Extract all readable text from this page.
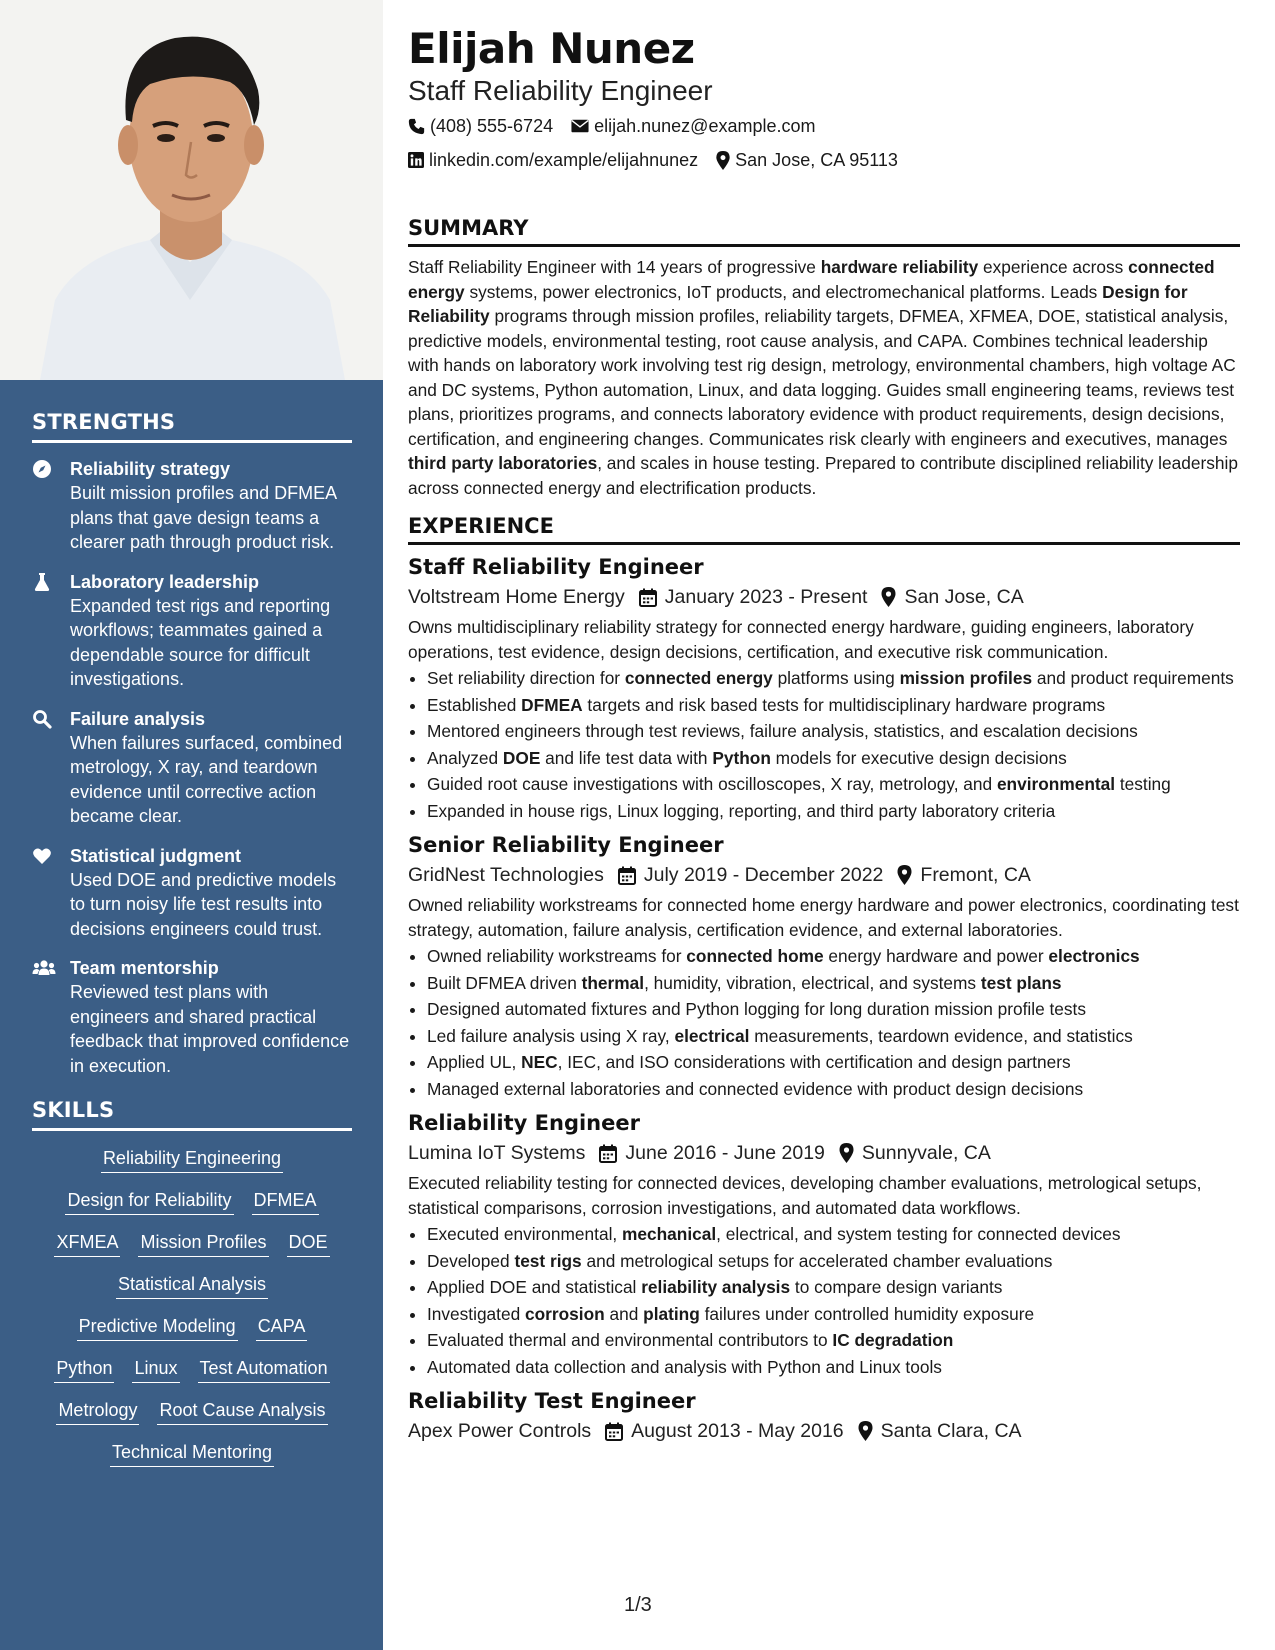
STRENGTHS
Reliability strategy
Built mission profiles and DFMEA plans that gave design teams a clearer path through product risk.
Laboratory leadership
Expanded test rigs and reporting workflows; teammates gained a dependable source for difficult investigations.
Failure analysis
When failures surfaced, combined metrology, X ray, and teardown evidence until corrective action became clear.
Statistical judgment
Used DOE and predictive models to turn noisy life test results into decisions engineers could trust.
Team mentorship
Reviewed test plans with engineers and shared practical feedback that improved confidence in execution.
SKILLS
Reliability Engineering
Design for Reliability DFMEA
XFMEA Mission Profiles DOE
Statistical Analysis
Predictive Modeling CAPA
Python Linux Test Automation
Metrology Root Cause Analysis
Technical Mentoring
Elijah Nunez
Staff Reliability Engineer
(408) 555-6724 elijah.nunez@example.com
linkedin.com/example/elijahnunez San Jose, CA 95113
SUMMARY
Staff Reliability Engineer with 14 years of progressive hardware reliability experience across connected energy systems, power electronics, IoT products, and electromechanical platforms. Leads Design for Reliability programs through mission profiles, reliability targets, DFMEA, XFMEA, DOE, statistical analysis, predictive models, environmental testing, root cause analysis, and CAPA. Combines technical leadership with hands on laboratory work involving test rig design, metrology, environmental chambers, high voltage AC and DC systems, Python automation, Linux, and data logging. Guides small engineering teams, reviews test plans, prioritizes programs, and connects laboratory evidence with product requirements, design decisions, certification, and engineering changes. Communicates risk clearly with engineers and executives, manages third party laboratories, and scales in house testing. Prepared to contribute disciplined reliability leadership across connected energy and electrification products.
EXPERIENCE
Staff Reliability Engineer
Voltstream Home Energy January 2023 - Present San Jose, CA
Owns multidisciplinary reliability strategy for connected energy hardware, guiding engineers, laboratory operations, test evidence, design decisions, certification, and executive risk communication.
• Set reliability direction for connected energy platforms using mission profiles and product requirements
• Established DFMEA targets and risk based tests for multidisciplinary hardware programs
• Mentored engineers through test reviews, failure analysis, statistics, and escalation decisions
• Analyzed DOE and life test data with Python models for executive design decisions
• Guided root cause investigations with oscilloscopes, X ray, metrology, and environmental testing
• Expanded in house rigs, Linux logging, reporting, and third party laboratory criteria
Senior Reliability Engineer
GridNest Technologies July 2019 - December 2022 Fremont, CA
Owned reliability workstreams for connected home energy hardware and power electronics, coordinating test strategy, automation, failure analysis, certification evidence, and external laboratories.
• Owned reliability workstreams for connected home energy hardware and power electronics
• Built DFMEA driven thermal, humidity, vibration, electrical, and systems test plans
• Designed automated fixtures and Python logging for long duration mission profile tests
• Led failure analysis using X ray, electrical measurements, teardown evidence, and statistics
• Applied UL, NEC, IEC, and ISO considerations with certification and design partners
• Managed external laboratories and connected evidence with product design decisions
Reliability Engineer
Lumina IoT Systems June 2016 - June 2019 Sunnyvale, CA
Executed reliability testing for connected devices, developing chamber evaluations, metrological setups, statistical comparisons, corrosion investigations, and automated data workflows.
• Executed environmental, mechanical, electrical, and system testing for connected devices
• Developed test rigs and metrological setups for accelerated chamber evaluations
• Applied DOE and statistical reliability analysis to compare design variants
• Investigated corrosion and plating failures under controlled humidity exposure
• Evaluated thermal and environmental contributors to IC degradation
• Automated data collection and analysis with Python and Linux tools
Reliability Test Engineer
Apex Power Controls August 2013 - May 2016 Santa Clara, CA
1/3
